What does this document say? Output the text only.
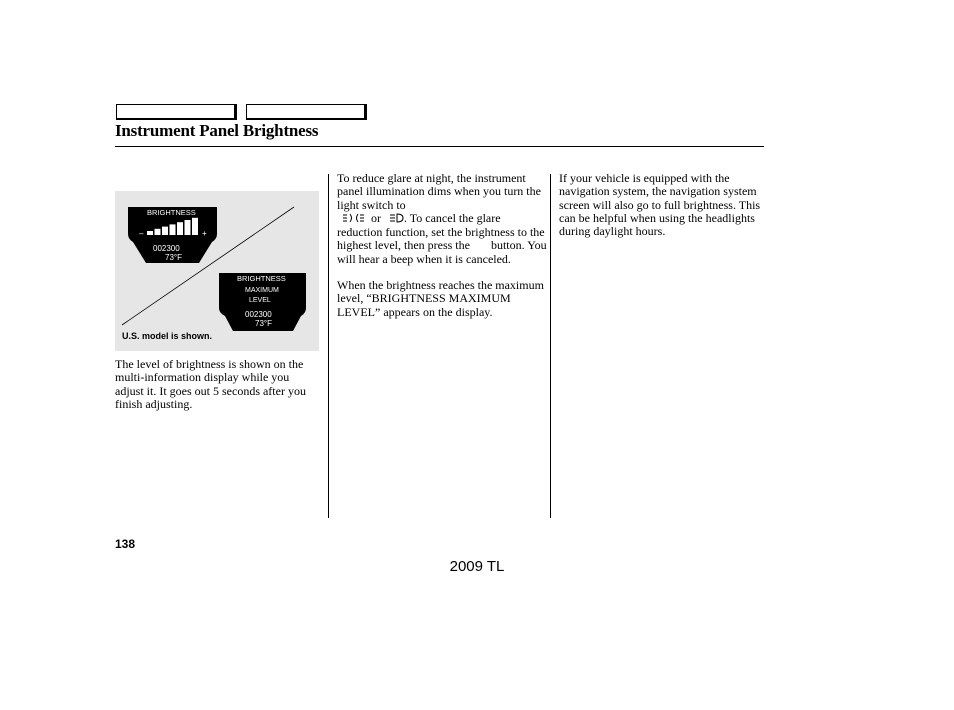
Instrument Panel Brightness
BRIGHTNESS
–	+
002300
73°F
BRIGHTNESS
MAXIMUM
LEVEL
002300
73°F
U.S. model is shown.

The level of brightness is shown on the multi-information display while you adjust it. It goes out 5 seconds after you finish adjusting.

To reduce glare at night, the instrument panel illumination dims when you turn the light switch to
or . To cancel the glare reduction function, set the brightness to the highest level, then press the button. You will hear a beep when it is canceled.

When the brightness reaches the maximum level, “BRIGHTNESS MAXIMUM LEVEL” appears on the display.

If your vehicle is equipped with the navigation system, the navigation system screen will also go to full brightness. This can be helpful when using the headlights during daylight hours.

138
2009 TL
